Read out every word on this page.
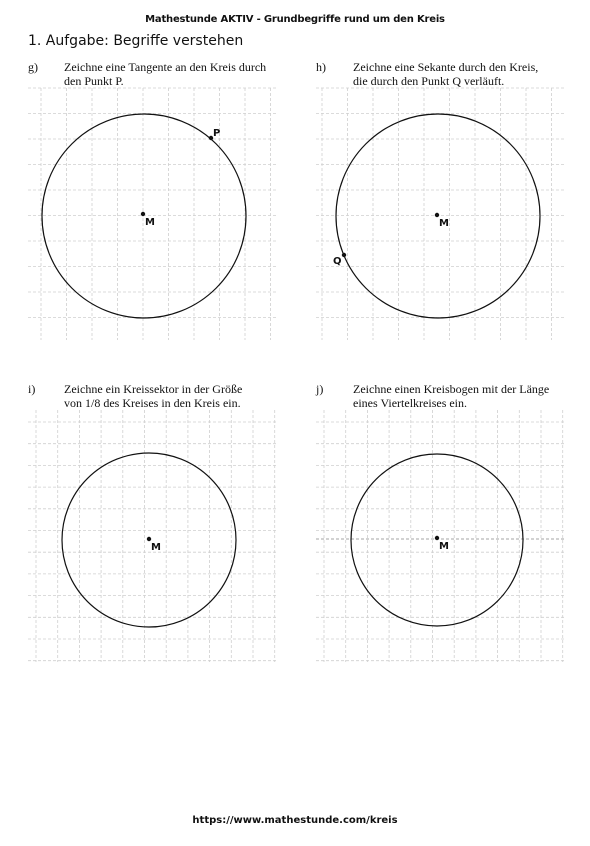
Mathestunde AKTIV - Grundbegriffe rund um den Kreis
1. Aufgabe: Begriffe verstehen
g) Zeichne eine Tangente an den Kreis durch
den Punkt P.
h) Zeichne eine Sekante durch den Kreis,
die durch den Punkt Q verläuft.
i) Zeichne ein Kreissektor in der Größe
von 1/8 des Kreises in den Kreis ein.
j) Zeichne einen Kreisbogen mit der Länge
eines Viertelkreises ein.
M
P
M
Q
M	M
https://www.mathestunde.com/kreis
